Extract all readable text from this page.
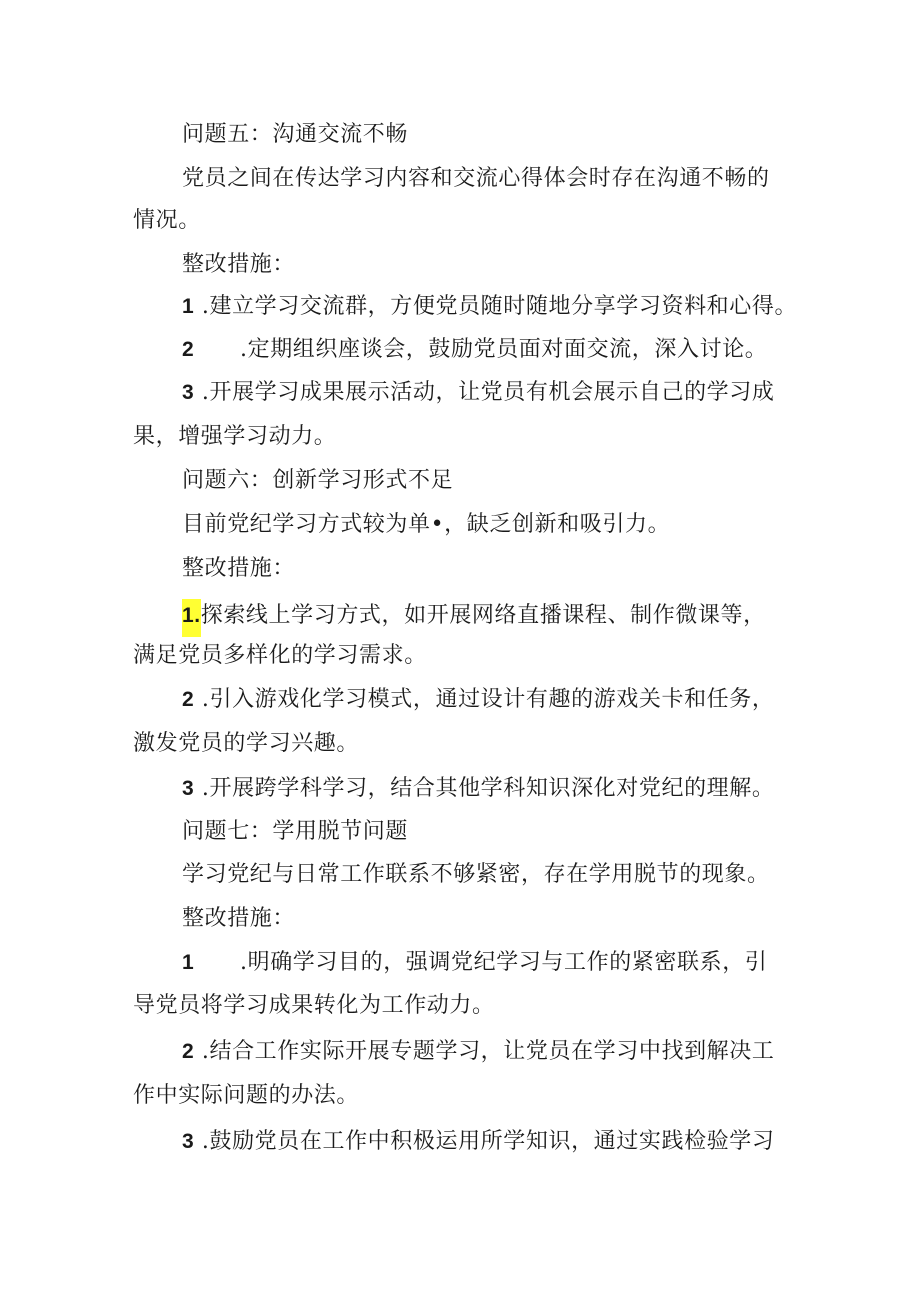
问题五：沟通交流不畅
党员之间在传达学习内容和交流心得体会时存在沟通不畅的
情况。
整改措施：
1 .建立学习交流群，方便党员随时随地分享学习资料和心得。
2 .定期组织座谈会，鼓励党员面对面交流，深入讨论。
3 .开展学习成果展示活动，让党员有机会展示自己的学习成
果，增强学习动力。
问题六：创新学习形式不足
目前党纪学习方式较为单•，缺乏创新和吸引力。
整改措施：
1.探索线上学习方式，如开展网络直播课程、制作微课等，
满足党员多样化的学习需求。
2 .引入游戏化学习模式，通过设计有趣的游戏关卡和任务，
激发党员的学习兴趣。
3 .开展跨学科学习，结合其他学科知识深化对党纪的理解。
问题七：学用脱节问题
学习党纪与日常工作联系不够紧密，存在学用脱节的现象。
整改措施：
1 .明确学习目的，强调党纪学习与工作的紧密联系，引
导党员将学习成果转化为工作动力。
2 .结合工作实际开展专题学习，让党员在学习中找到解决工
作中实际问题的办法。
3 .鼓励党员在工作中积极运用所学知识，通过实践检验学习
